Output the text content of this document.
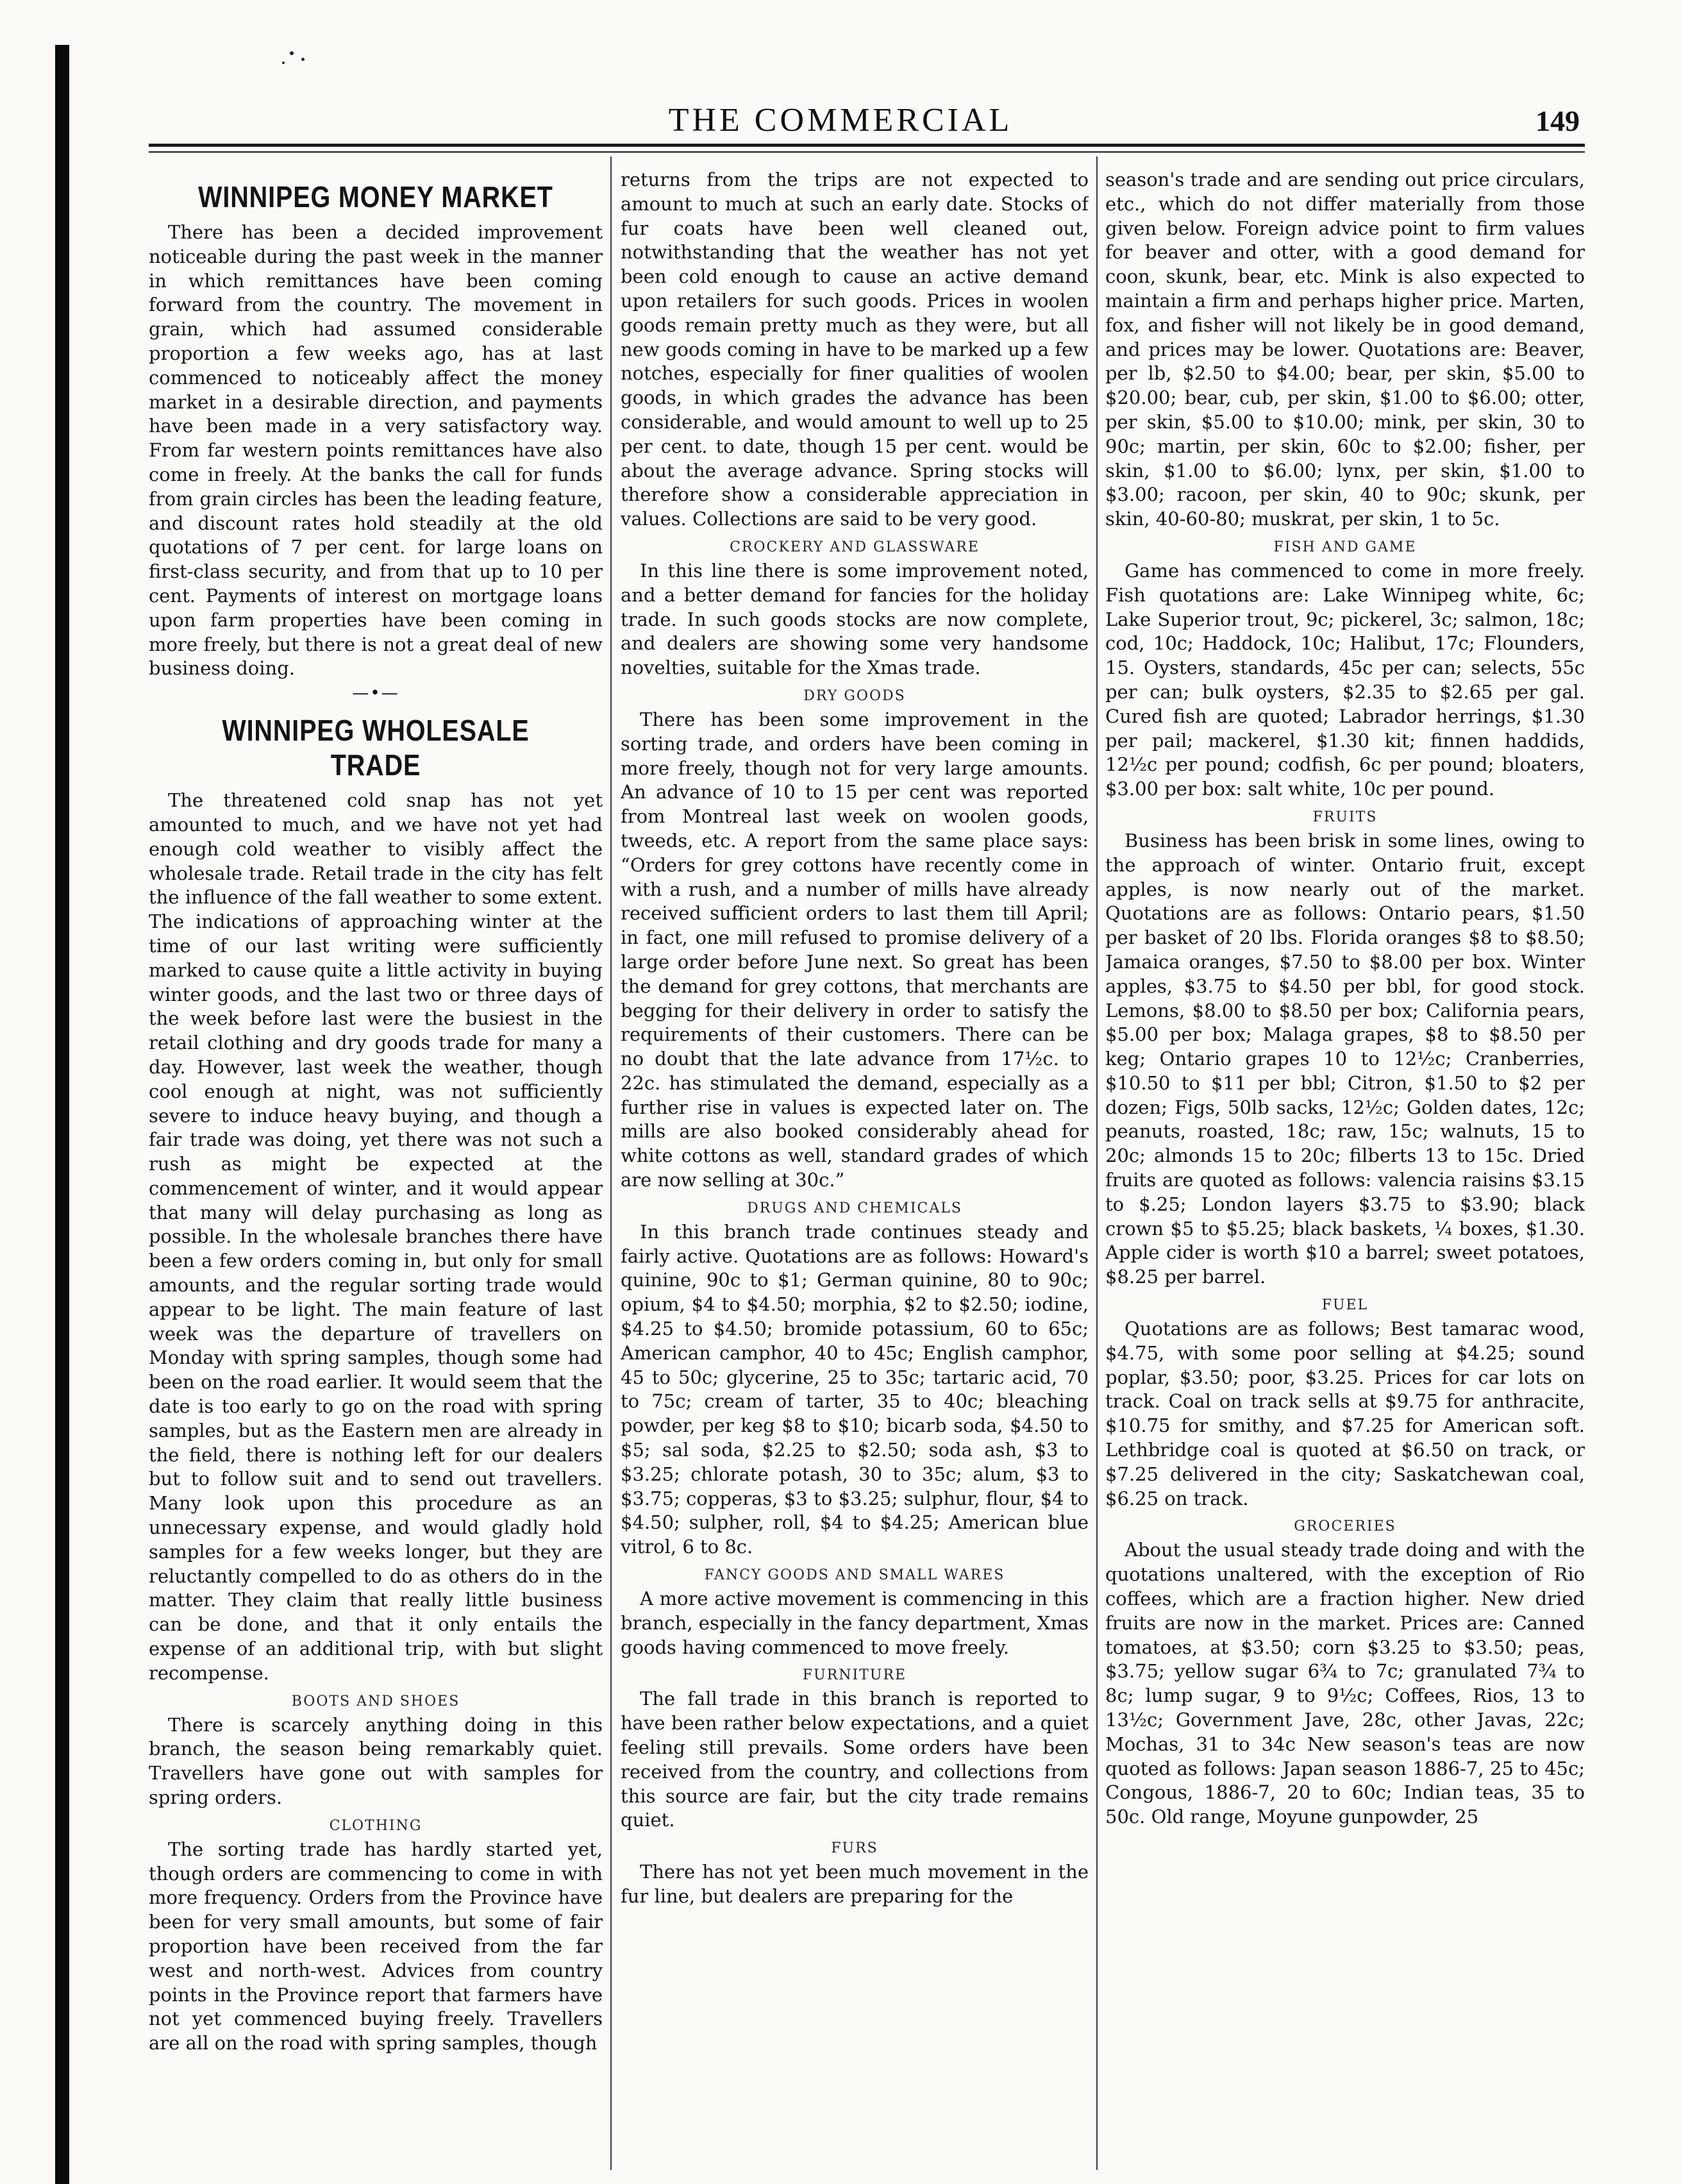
THE COMMERCIAL	149
WINNIPEG MONEY MARKET

There has been a decided improvement noticeable during the past week in the manner in which remittances have been coming forward from the country. The movement in grain, which had assumed considerable proportion a few weeks ago, has at last commenced to noticeably affect the money market in a desirable direction, and payments have been made in a very satisfactory way. From far western points remittances have also come in freely. At the banks the call for funds from grain circles has been the leading feature, and discount rates hold steadily at the old quotations of 7 per cent. for large loans on first-class security, and from that up to 10 per cent. Payments of interest on mortgage loans upon farm properties have been coming in more freely, but there is not a great deal of new business doing.

—•—
WINNIPEG WHOLESALE TRADE

The threatened cold snap has not yet amounted to much, and we have not yet had enough cold weather to visibly affect the wholesale trade. Retail trade in the city has felt the influence of the fall weather to some extent. The indications of approaching winter at the time of our last writing were sufficiently marked to cause quite a little activity in buying winter goods, and the last two or three days of the week before last were the busiest in the retail clothing and dry goods trade for many a day. However, last week the weather, though cool enough at night, was not sufficiently severe to induce heavy buying, and though a fair trade was doing, yet there was not such a rush as might be expected at the commencement of winter, and it would appear that many will delay purchasing as long as possible. In the wholesale branches there have been a few orders coming in, but only for small amounts, and the regular sorting trade would appear to be light. The main feature of last week was the departure of travellers on Monday with spring samples, though some had been on the road earlier. It would seem that the date is too early to go on the road with spring samples, but as the Eastern men are already in the field, there is nothing left for our dealers but to follow suit and to send out travellers. Many look upon this procedure as an unnecessary expense, and would gladly hold samples for a few weeks longer, but they are reluctantly compelled to do as others do in the matter. They claim that really little business can be done, and that it only entails the expense of an additional trip, with but slight recompense.

BOOTS AND SHOES

There is scarcely anything doing in this branch, the season being remarkably quiet. Travellers have gone out with samples for spring orders.

CLOTHING

The sorting trade has hardly started yet, though orders are commencing to come in with more frequency. Orders from the Province have been for very small amounts, but some of fair proportion have been received from the far west and north-west. Advices from country points in the Province report that farmers have not yet commenced buying freely. Travellers are all on the road with spring samples, though

returns from the trips are not expected to amount to much at such an early date. Stocks of fur coats have been well cleaned out, notwithstanding that the weather has not yet been cold enough to cause an active demand upon retailers for such goods. Prices in woolen goods remain pretty much as they were, but all new goods coming in have to be marked up a few notches, especially for finer qualities of woolen goods, in which grades the advance has been considerable, and would amount to well up to 25 per cent. to date, though 15 per cent. would be about the average advance. Spring stocks will therefore show a considerable appreciation in values. Collections are said to be very good.

CROCKERY AND GLASSWARE

In this line there is some improvement noted, and a better demand for fancies for the holiday trade. In such goods stocks are now complete, and dealers are showing some very handsome novelties, suitable for the Xmas trade.

DRY GOODS

There has been some improvement in the sorting trade, and orders have been coming in more freely, though not for very large amounts. An advance of 10 to 15 per cent was reported from Montreal last week on woolen goods, tweeds, etc. A report from the same place says: “Orders for grey cottons have recently come in with a rush, and a number of mills have already received sufficient orders to last them till April; in fact, one mill refused to promise delivery of a large order before June next. So great has been the demand for grey cottons, that merchants are begging for their delivery in order to satisfy the requirements of their customers. There can be no doubt that the late advance from 17½c. to 22c. has stimulated the demand, especially as a further rise in values is expected later on. The mills are also booked considerably ahead for white cottons as well, standard grades of which are now selling at 30c.”

DRUGS AND CHEMICALS

In this branch trade continues steady and fairly active. Quotations are as follows: Howard's quinine, 90c to $1; German quinine, 80 to 90c; opium, $4 to $4.50; morphia, $2 to $2.50; iodine, $4.25 to $4.50; bromide potassium, 60 to 65c; American camphor, 40 to 45c; English camphor, 45 to 50c; glycerine, 25 to 35c; tartaric acid, 70 to 75c; cream of tarter, 35 to 40c; bleaching powder, per keg $8 to $10; bicarb soda, $4.50 to $5; sal soda, $2.25 to $2.50; soda ash, $3 to $3.25; chlorate potash, 30 to 35c; alum, $3 to $3.75; copperas, $3 to $3.25; sulphur, flour, $4 to $4.50; sulpher, roll, $4 to $4.25; American blue vitrol, 6 to 8c.

FANCY GOODS AND SMALL WARES

A more active movement is commencing in this branch, especially in the fancy department, Xmas goods having commenced to move freely.

FURNITURE

The fall trade in this branch is reported to have been rather below expectations, and a quiet feeling still prevails. Some orders have been received from the country, and collections from this source are fair, but the city trade remains quiet.

FURS

There has not yet been much movement in the fur line, but dealers are preparing for the

season's trade and are sending out price circulars, etc., which do not differ materially from those given below. Foreign advice point to firm values for beaver and otter, with a good demand for coon, skunk, bear, etc. Mink is also expected to maintain a firm and perhaps higher price. Marten, fox, and fisher will not likely be in good demand, and prices may be lower. Quotations are: Beaver, per lb, $2.50 to $4.00; bear, per skin, $5.00 to $20.00; bear, cub, per skin, $1.00 to $6.00; otter, per skin, $5.00 to $10.00; mink, per skin, 30 to 90c; martin, per skin, 60c to $2.00; fisher, per skin, $1.00 to $6.00; lynx, per skin, $1.00 to $3.00; racoon, per skin, 40 to 90c; skunk, per skin, 40-60-80; muskrat, per skin, 1 to 5c.

FISH AND GAME

Game has commenced to come in more freely. Fish quotations are: Lake Winnipeg white, 6c; Lake Superior trout, 9c; pickerel, 3c; salmon, 18c; cod, 10c; Haddock, 10c; Halibut, 17c; Flounders, 15. Oysters, standards, 45c per can; selects, 55c per can; bulk oysters, $2.35 to $2.65 per gal. Cured fish are quoted; Labrador herrings, $1.30 per pail; mackerel, $1.30 kit; finnen haddids, 12½c per pound; codfish, 6c per pound; bloaters, $3.00 per box: salt white, 10c per pound.

FRUITS

Business has been brisk in some lines, owing to the approach of winter. Ontario fruit, except apples, is now nearly out of the market. Quotations are as follows: Ontario pears, $1.50 per basket of 20 lbs. Florida oranges $8 to $8.50; Jamaica oranges, $7.50 to $8.00 per box. Winter apples, $3.75 to $4.50 per bbl, for good stock. Lemons, $8.00 to $8.50 per box; California pears, $5.00 per box; Malaga grapes, $8 to $8.50 per keg; Ontario grapes 10 to 12½c; Cranberries, $10.50 to $11 per bbl; Citron, $1.50 to $2 per dozen; Figs, 50lb sacks, 12½c; Golden dates, 12c; peanuts, roasted, 18c; raw, 15c; walnuts, 15 to 20c; almonds 15 to 20c; filberts 13 to 15c. Dried fruits are quoted as follows: valencia raisins $3.15 to $.25; London layers $3.75 to $3.90; black crown $5 to $5.25; black baskets, ¼ boxes, $1.30. Apple cider is worth $10 a barrel; sweet potatoes, $8.25 per barrel.

FUEL

Quotations are as follows; Best tamarac wood, $4.75, with some poor selling at $4.25; sound poplar, $3.50; poor, $3.25. Prices for car lots on track. Coal on track sells at $9.75 for anthracite, $10.75 for smithy, and $7.25 for American soft. Lethbridge coal is quoted at $6.50 on track, or $7.25 delivered in the city; Saskatchewan coal, $6.25 on track.

GROCERIES

About the usual steady trade doing and with the quotations unaltered, with the exception of Rio coffees, which are a fraction higher. New dried fruits are now in the market. Prices are: Canned tomatoes, at $3.50; corn $3.25 to $3.50; peas, $3.75; yellow sugar 6¾ to 7c; granulated 7¾ to 8c; lump sugar, 9 to 9½c; Coffees, Rios, 13 to 13½c; Government Jave, 28c, other Javas, 22c; Mochas, 31 to 34c New season's teas are now quoted as follows: Japan season 1886-7, 25 to 45c; Congous, 1886-7, 20 to 60c; Indian teas, 35 to 50c. Old range, Moyune gunpowder, 25
